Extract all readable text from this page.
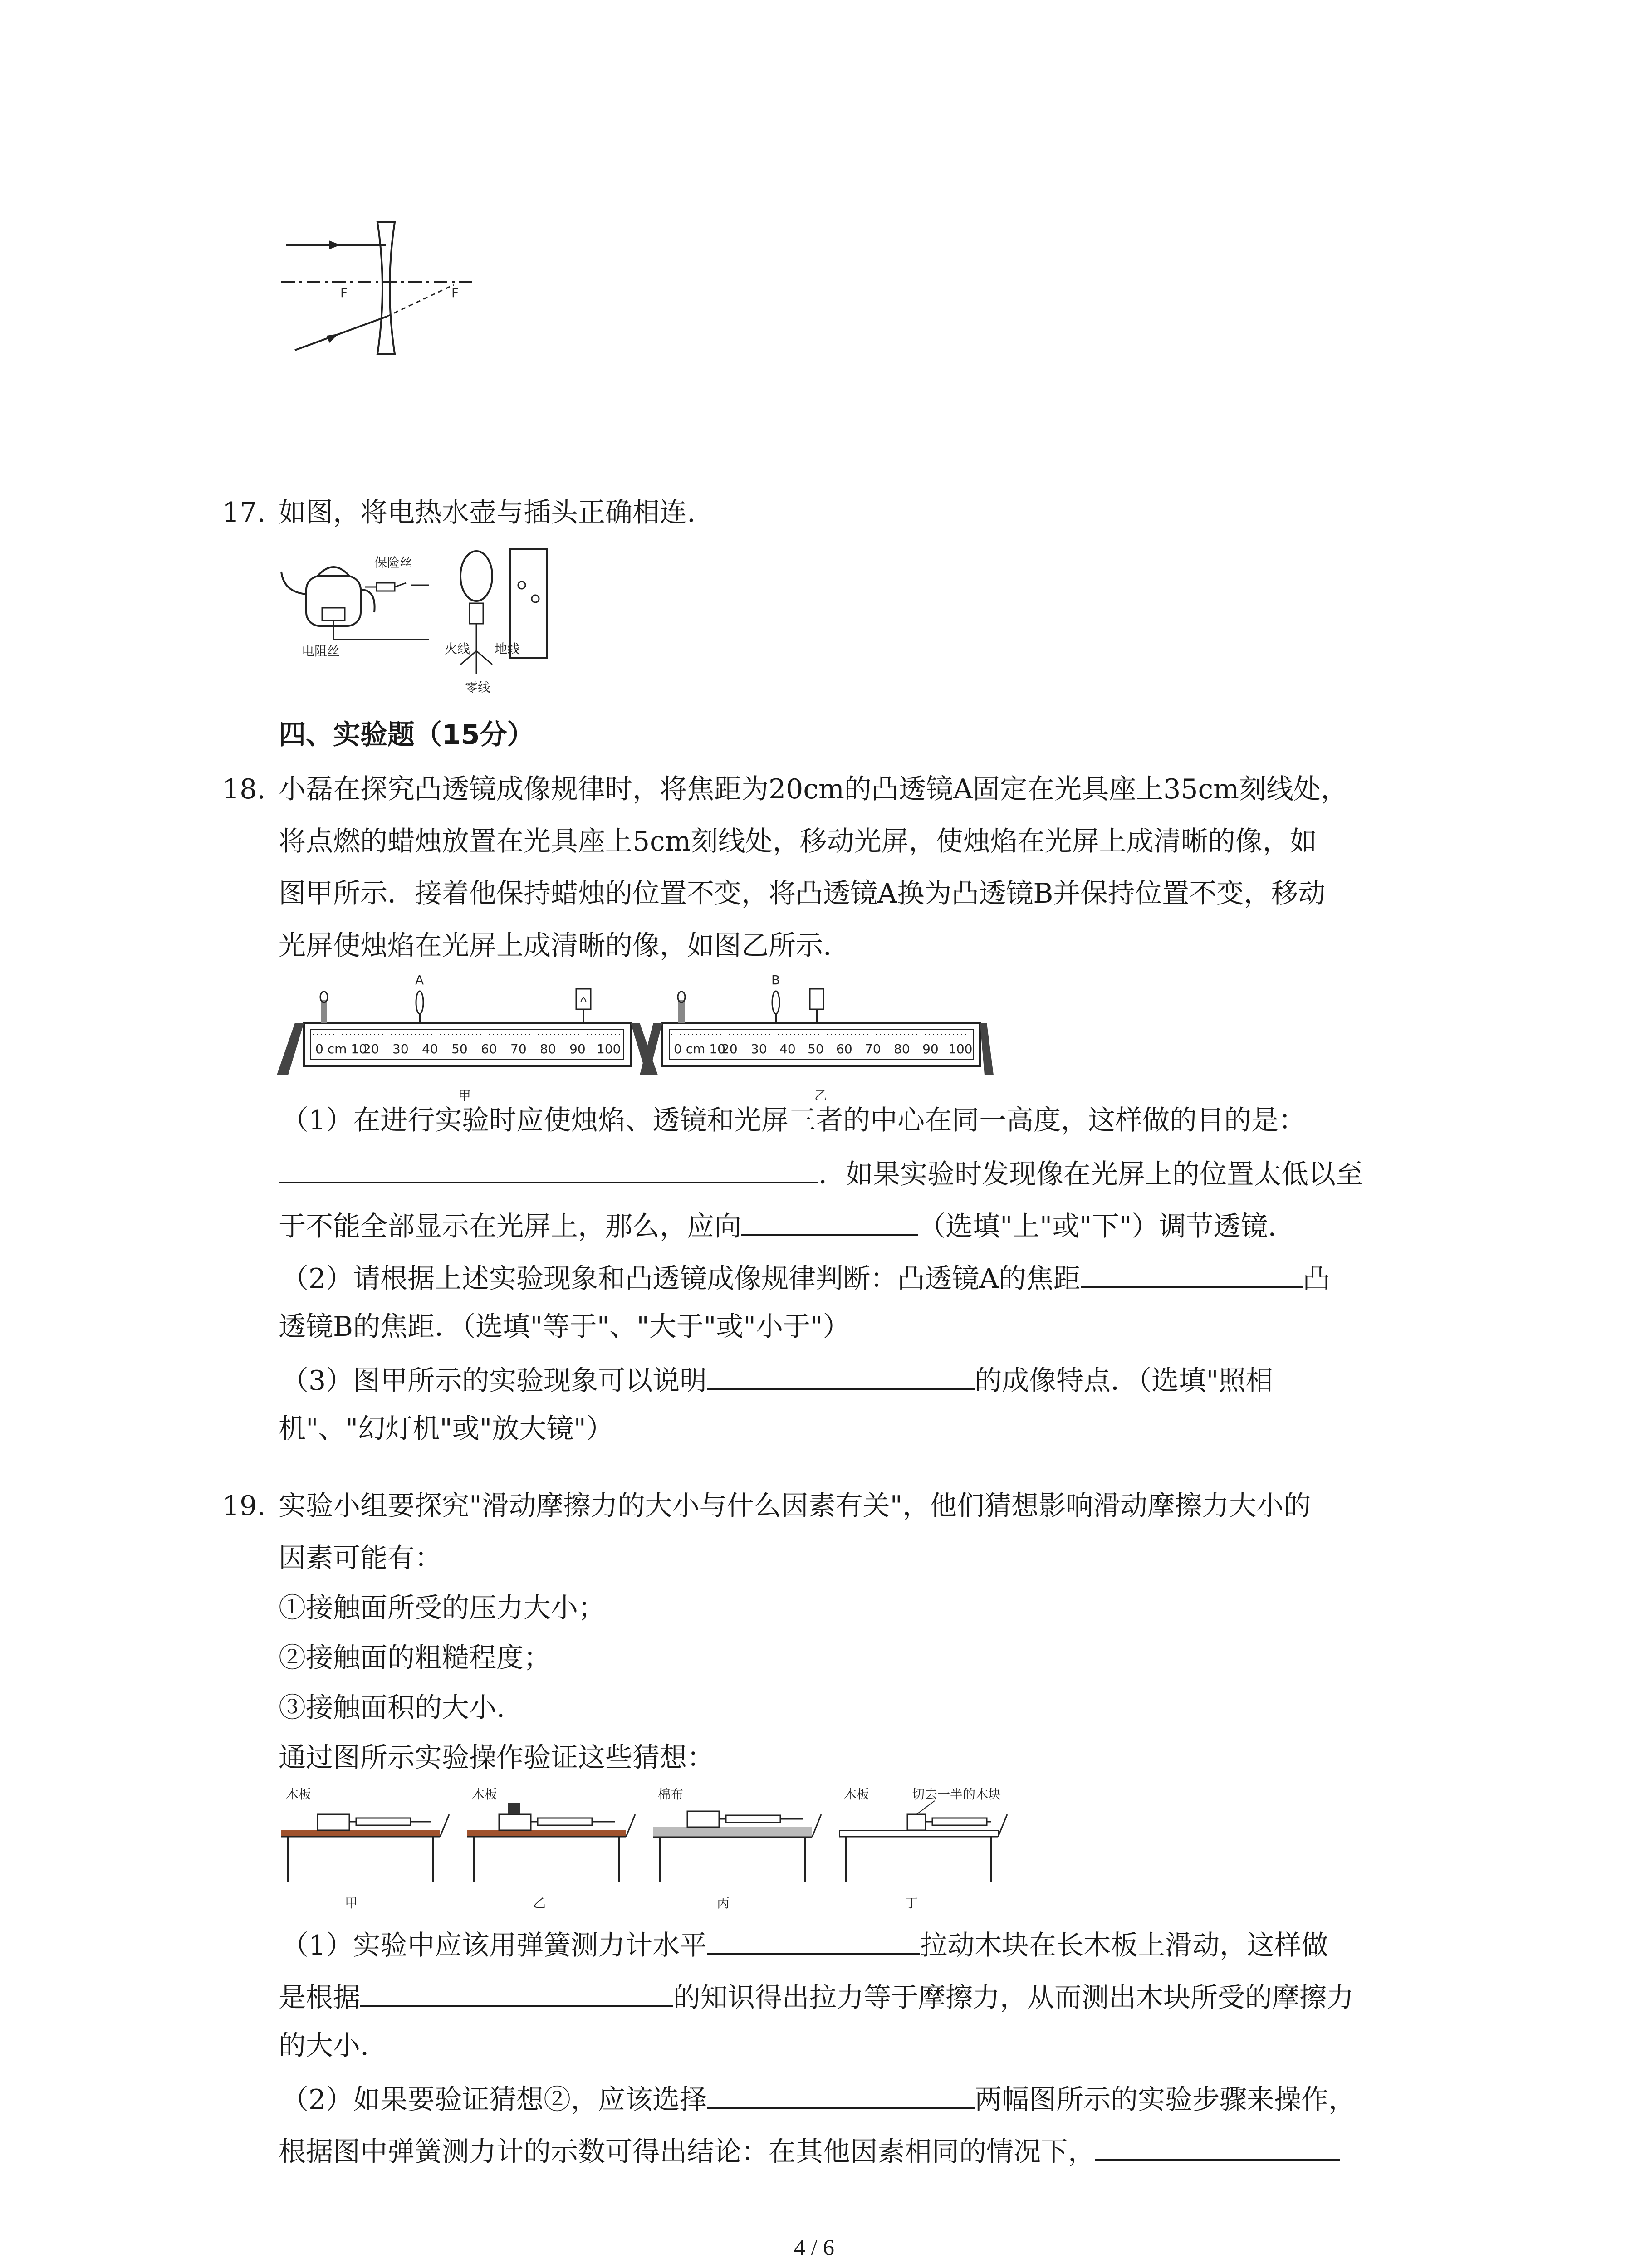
F	F
17. 如图，将电热水壶与插头正确相连.
保险丝
电阻丝	火线 地线
零线
四、实验题（15分）
18. 小磊在探究凸透镜成像规律时，将焦距为20cm的凸透镜A固定在光具座上35cm刻线处，
将点燃的蜡烛放置在光具座上5cm刻线处，移动光屏，使烛焰在光屏上成清晰的像，如
图甲所示．接着他保持蜡烛的位置不变，将凸透镜A换为凸透镜B并保持位置不变，移动
光屏使烛焰在光屏上成清晰的像，如图乙所示.
A
0 cm 10
20 30 40 50 60 70 80 90 100
甲
B
0 cm 10
20 30 40 50 60 70 80 90 100
乙
（1）在进行实验时应使烛焰、透镜和光屏三者的中心在同一高度，这样做的目的是：
．如果实验时发现像在光屏上的位置太低以至
于不能全部显示在光屏上，那么，应向	（选填"上"或"下"）调节透镜.
（2）请根据上述实验现象和凸透镜成像规律判断：凸透镜A的焦距	凸
透镜B的焦距．（选填"等于"、"大于"或"小于"）
（3）图甲所示的实验现象可以说明	的成像特点．（选填"照相
机"、"幻灯机"或"放大镜"）
19. 实验小组要探究"滑动摩擦力的大小与什么因素有关"，他们猜想影响滑动摩擦力大小的
因素可能有：
①接触面所受的压力大小；
②接触面的粗糙程度；
③接触面积的大小.
通过图所示实验操作验证这些猜想：
木板
甲
木板
乙
棉布
丙
木板	切去一半的木块
丁
（1）实验中应该用弹簧测力计水平	拉动木块在长木板上滑动，这样做
是根据	的知识得出拉力等于摩擦力，从而测出木块所受的摩擦力
的大小.
（2）如果要验证猜想②，应该选择	两幅图所示的实验步骤来操作，
根据图中弹簧测力计的示数可得出结论：在其他因素相同的情况下，
4 / 6
